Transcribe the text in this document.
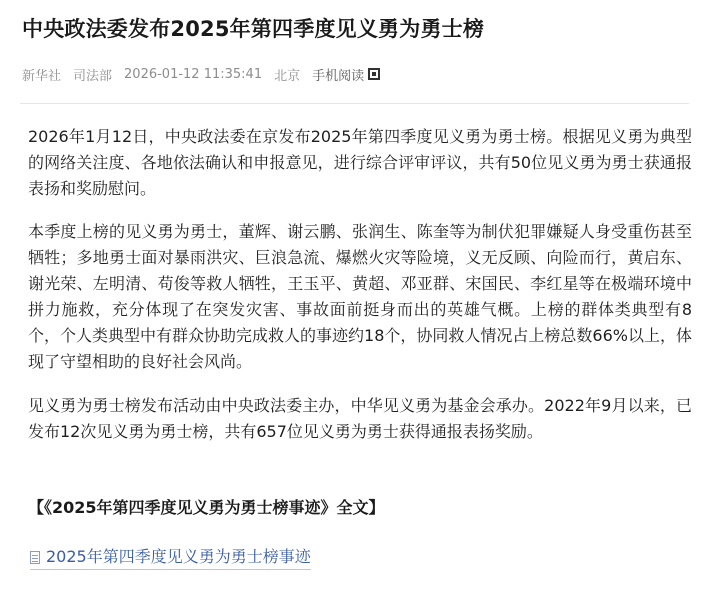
中央政法委发布2025年第四季度见义勇为勇士榜
新华社 司法部 2026-01-12 11:35:41 北京 手机阅读

2026年1月12日，中央政法委在京发布2025年第四季度见义勇为勇士榜。根据见义勇为典型的网络关注度、各地依法确认和申报意见，进行综合评审评议，共有50位见义勇为勇士获通报表扬和奖励慰问。

本季度上榜的见义勇为勇士，董辉、谢云鹏、张润生、陈奎等为制伏犯罪嫌疑人身受重伤甚至牺牲；多地勇士面对暴雨洪灾、巨浪急流、爆燃火灾等险境，义无反顾、向险而行，黄启东、谢光荣、左明清、苟俊等救人牺牲，王玉平、黄超、邓亚群、宋国民、李红星等在极端环境中拼力施救，充分体现了在突发灾害、事故面前挺身而出的英雄气概。上榜的群体类典型有8个，个人类典型中有群众协助完成救人的事迹约18个，协同救人情况占上榜总数66%以上，体现了守望相助的良好社会风尚。

见义勇为勇士榜发布活动由中央政法委主办，中华见义勇为基金会承办。2022年9月以来，已发布12次见义勇为勇士榜，共有657位见义勇为勇士获得通报表扬奖励。

【《2025年第四季度见义勇为勇士榜事迹》全文】
2025年第四季度见义勇为勇士榜事迹
